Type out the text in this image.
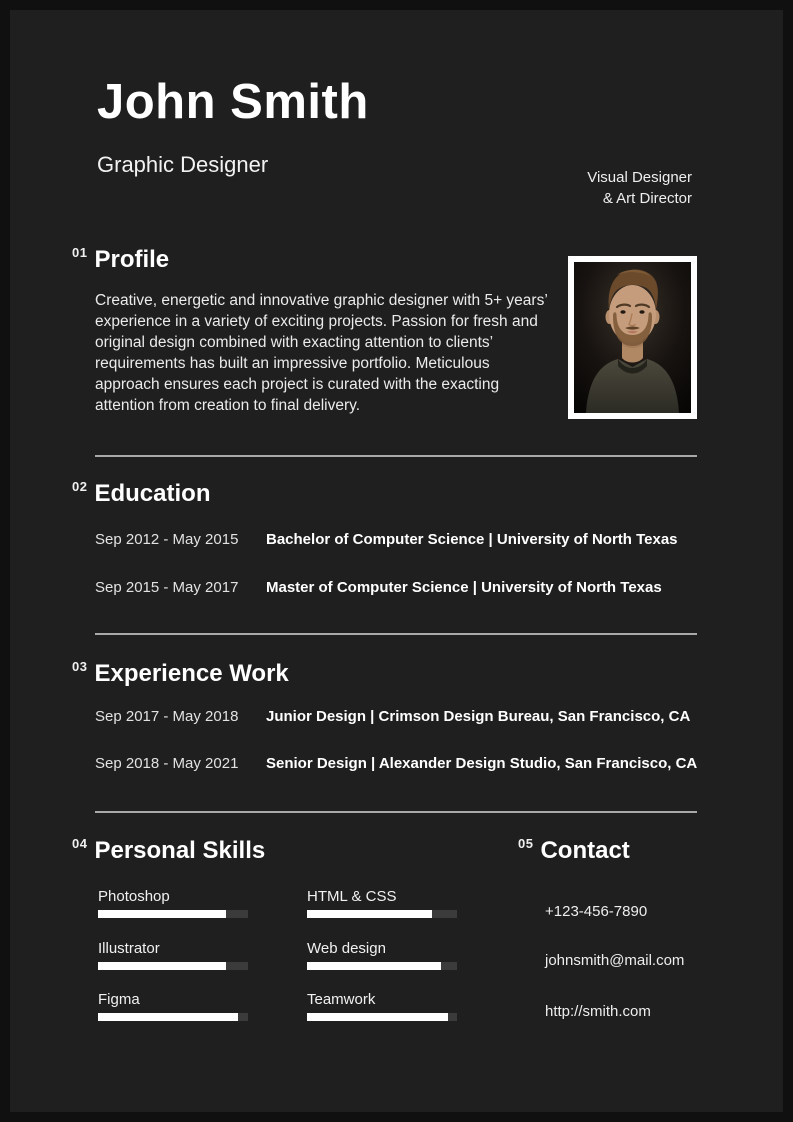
John Smith
Graphic Designer
Visual Designer
& Art Director
$^{01}$ Profile

Creative, energetic and innovative graphic designer with 5+ years’ experience in a variety of exciting projects. Passion for fresh and original design combined with exacting attention to clients’ requirements has built an impressive portfolio. Meticulous approach ensures each project is curated with the exacting attention from creation to final delivery.

$^{02}$ Education
Sep 2012 - May 2015	Bachelor of Computer Science | University of North Texas
Sep 2015 - May 2017	Master of Computer Science | University of North Texas
$^{03}$ Experience Work
Sep 2017 - May 2018	Junior Design | Crimson Design Bureau, San Francisco, CA
Sep 2018 - May 2021	Senior Design | Alexander Design Studio, San Francisco, CA
$^{04}$ Personal Skills
Photoshop	HTML & CSS
Illustrator	Web design
Figma	Teamwork
$^{05}$ Contact
+123-456-7890
johnsmith@mail.com
http://smith.com
